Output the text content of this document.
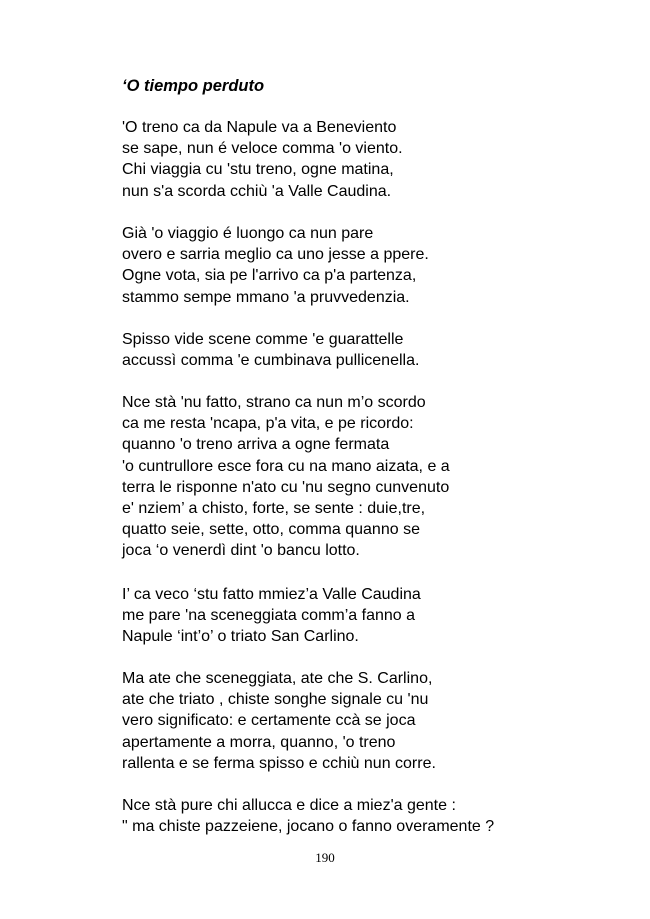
‘O tiempo perduto
'O treno ca da Napule va a Beneviento
se sape, nun é veloce comma 'o viento.
Chi viaggia cu 'stu treno, ogne matina,
nun s'a scorda cchiù 'a Valle Caudina.
Già 'o viaggio é luongo ca nun pare
overo e sarria meglio ca uno jesse a ppere.
Ogne vota, sia pe l'arrivo ca p'a partenza,
stammo sempe mmano 'a pruvvedenzia.
Spisso vide scene comme 'e guarattelle
accussì comma 'e cumbinava pullicenella.
Nce stà 'nu fatto, strano ca nun m’o scordo
ca me resta 'ncapa, p'a vita, e pe ricordo:
quanno 'o treno arriva a ogne fermata
'o cuntrullore esce fora cu na mano aizata, e a
terra le risponne n'ato cu 'nu segno cunvenuto
e' nziem’ a chisto, forte, se sente : duie,tre,
quatto seie, sette, otto, comma quanno se
joca ‘o venerdì dint 'o bancu lotto.
I’ ca veco ‘stu fatto mmiez’a Valle Caudina
me pare 'na sceneggiata comm’a fanno a
Napule ‘int’o’ o triato San Carlino.
Ma ate che sceneggiata, ate che S. Carlino,
ate che triato , chiste songhe signale cu 'nu
vero significato: e certamente ccà se joca
apertamente a morra, quanno, 'o treno
rallenta e se ferma spisso e cchiù nun corre.
Nce stà pure chi allucca e dice a miez'a gente :
" ma chiste pazzeiene, jocano o fanno overamente ?
190
